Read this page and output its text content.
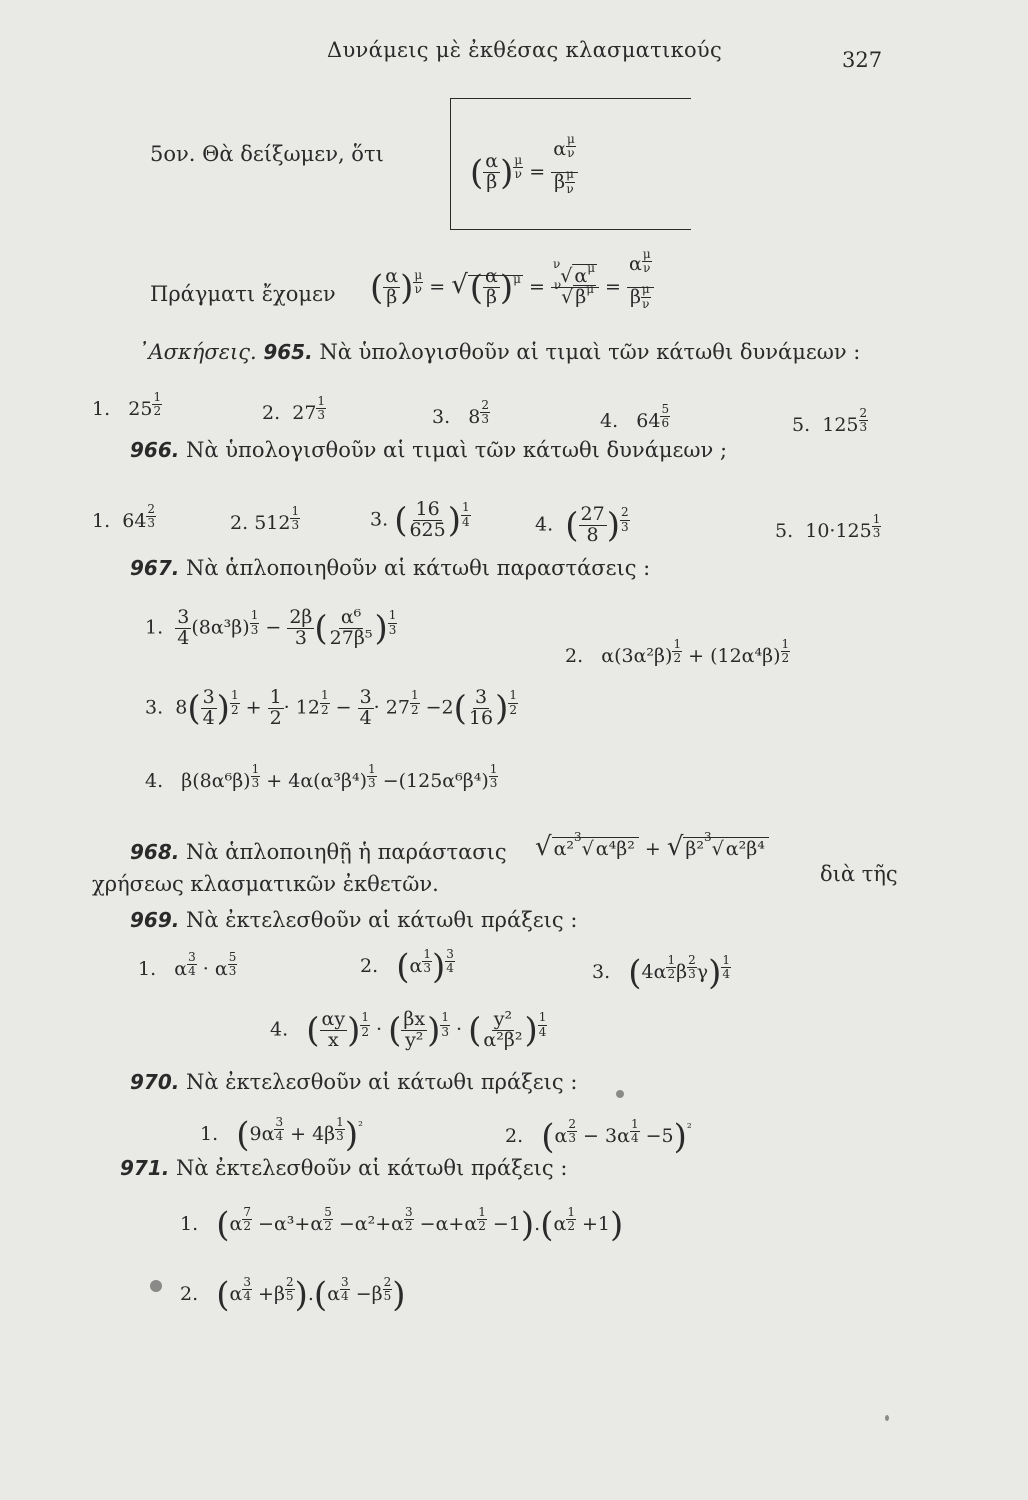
Δυνάμεις μὲ ἐκθέσας κλασματικούς	327
5ον. Θὰ δείξωμεν, ὅτι	( $\frac{\alpha}{\beta}$ ) $\frac{\mu}{\nu} = \frac{\alpha \frac{\mu}{\nu}}{\beta \frac{\mu}{\nu}}$
Πράγματι ἔχομεν ( $\frac{\alpha}{\beta}$ ) $\frac{\mu}{\nu}$ = √( $\frac{\alpha}{\beta} )^\mu = \frac{^\nu√ \alpha^\mu}{^\nu√ \beta^\mu} = \frac{\alpha \frac{\mu}{\nu}}{\beta \frac{\mu}{\nu}}$
᾿Ασκήσεις. 965. Νὰ ὑπολογισθοῦν αἱ τιμαὶ τῶν κάτωθι δυνάμεων :
1. $25 \frac{1}{2}$	2. $27 \frac{1}{3}$	3. $8 \frac{2}{3}$	4. $64 \frac{5}{6}$	5. $125 \frac{2}{3}$
966. Νὰ ὑπολογισθοῦν αἱ τιμαὶ τῶν κάτωθι δυνάμεων ;
1. $64 \frac{2}{3}$	2. $512 \frac{1}{3}$	3. ( $\frac{16}{625}$ ) $\frac{1}{4}$	4. ( $\frac{27}{8}$ ) $\frac{2}{3}$	5. $10\cdot 125 \frac{1}{3}$
967. Νὰ ἁπλοποιηθοῦν αἱ κάτωθι παραστάσεις :
1. $\frac{3}{4} (8\alpha^3\beta) \frac{1}{3} - \frac{2\beta}{3}$ ( $\frac{\text{α⁶}}{\text{27β⁵}}$ ) $\frac{1}{3}$
2.   $\alpha(3\alpha^2\beta) \frac{1}{2} + (12\alpha^4\beta) \frac{1}{2}$
3.  $8( \frac{3}{4}$ ) $\frac{1}{2} + \frac{1}{2} \cdot 12 \frac{1}{2} - \frac{3}{4} \cdot 27 \frac{1}{2} -2( \frac{3}{16}$ ) $\frac{1}{2}$
4.   $\beta(8\alpha^6\beta) \frac{1}{3} + 4\alpha(\alpha^3\beta^4) \frac{1}{3} -(125\alpha^6\beta^4) \frac{1}{3}$
968. Νὰ ἁπλοποιηθῇ ἡ παράστασις √ α²$^3$√ α⁴β² + √ β²$^3$√ α²β⁴
διὰ τῆς
χρήσεως κλασματικῶν ἐκθετῶν.
969. Νὰ ἐκτελεσθοῦν αἱ κάτωθι πράξεις :
1.   α $\frac{3}{4} \cdot \alpha \frac{5}{3}$	2. ($\alpha \frac{1}{3}$ ) $\frac{3}{4}$	3. ($4\alpha \frac{1}{2}$ β $\frac{2}{3} \gamma) \frac{1}{4}$
4. ( $\frac{\alpha y}{x}$ ) $\frac{1}{2}$ · ( $\frac{\beta x}{\text{y²}}$ ) $\frac{1}{3}$ · ( $\frac{\text{y²}}{\text{α²β²}}$ ) $\frac{1}{4}$
970. Νὰ ἐκτελεσθοῦν αἱ κάτωθι πράξεις :
1. $(9\alpha \frac{3}{4} + 4\beta \frac{1}{3} )^{^2}$	2. $(\alpha \frac{2}{3} - 3\alpha \frac{1}{4} -5)^{^2}$
971. Νὰ ἐκτελεσθοῦν αἱ κάτωθι πράξεις :
1. $(\alpha \frac{7}{2} -\alpha^3+\alpha \frac{5}{2} -\alpha^2+\alpha \frac{3}{2} -\alpha+\alpha \frac{1}{2} -1).(\alpha \frac{1}{2} +1)$
2. $(\alpha \frac{3}{4} +\beta \frac{2}{5} ).(\alpha \frac{3}{4} -\beta \frac{2}{5}$ )
